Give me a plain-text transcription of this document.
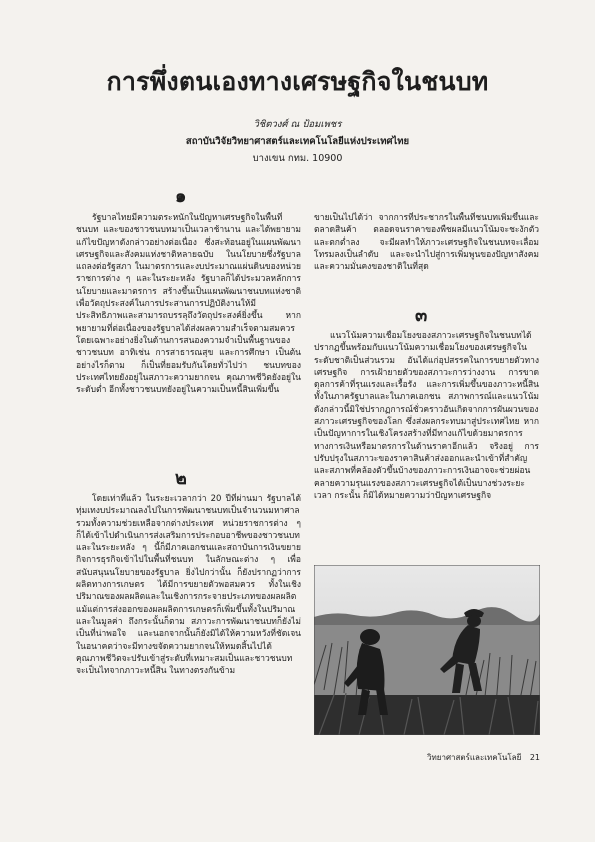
การพึ่งตนเองทางเศรษฐกิจในชนบท
วิชิตวงศ์ ณ ป้อมเพชร
สถาบันวิจัยวิทยาศาสตร์และเทคโนโลยีแห่งประเทศไทย
บางเขน กทม. 10900
๑

รัฐบาลไทยมีความตระหนักในปัญหาเศรษฐกิจในพื้นที่ชนบท และของชาวชนบทมาเป็นเวลาช้านาน และได้พยายามแก้ไขปัญหาดังกล่าวอย่างต่อเนื่อง ซึ่งสะท้อนอยู่ในแผนพัฒนาเศรษฐกิจและสังคมแห่งชาติหลายฉบับ ในนโยบายซึ่งรัฐบาลแถลงต่อรัฐสภา ในมาตรการและงบประมาณแผ่นดินของหน่วยราชการต่าง ๆ และในระยะหลัง รัฐบาลก็ได้ประมวลหลักการ นโยบายและมาตรการ สร้างขึ้นเป็นแผนพัฒนาชนบทแห่งชาติ เพื่อวัตถุประสงค์ในการประสานการปฏิบัติงานให้มีประสิทธิภาพและสามารถบรรลุถึงวัตถุประสงค์ยิ่งขึ้น หากพยายามที่ต่อเนื่องของรัฐบาลได้ส่งผลความสำเร็จตามสมควร โดยเฉพาะอย่างยิ่งในด้านการสนองความจำเป็นพื้นฐานของชาวชนบท อาทิเช่น การสาธารณสุข และการศึกษา เป็นต้น อย่างไรก็ตาม ก็เป็นที่ยอมรับกันโดยทั่วไปว่า ชนบทของประเทศไทยยังอยู่ในสภาวะความยากจน คุณภาพชีวิตยังอยู่ในระดับต่ำ อีกทั้งชาวชนบทยังอยู่ในความเป็นหนี้สินเพิ่มขึ้น

๒

โดยเท่าที่แล้ว ในระยะเวลากว่า 20 ปีที่ผ่านมา รัฐบาลได้ทุ่มเทงบประมาณลงไปในการพัฒนาชนบทเป็นจำนวนมหาศาลรวมทั้งความช่วยเหลือจากต่างประเทศ หน่วยราชการต่าง ๆ ก็ได้เข้าไปดำเนินการส่งเสริมการประกอบอาชีพของชาวชนบท และในระยะหลัง ๆ นี้ก็มีภาคเอกชนและสถาบันการเงินขยายกิจการธุรกิจเข้าไปในพื้นที่ชนบท ในลักษณะต่าง ๆ เพื่อสนับสนุนนโยบายของรัฐบาล ยิ่งไปกว่านั้น ก็ยังปรากฏว่าการผลิตทางการเกษตร ได้มีการขยายตัวพอสมควร ทั้งในเชิงปริมาณของผลผลิตและในเชิงการกระจายประเภทของผลผลิต แม้แต่การส่งออกของผลผลิตการเกษตรก็เพิ่มขึ้นทั้งในปริมาณและในมูลค่า ถึงกระนั้นก็ตาม สภาวะการพัฒนาชนบทก็ยังไม่เป็นที่น่าพอใจ และนอกจากนั้นก็ยังมิได้ให้ความหวังที่ชัดเจนในอนาคตว่าจะมีทางขจัดความยากจนให้หมดสิ้นไปได้ คุณภาพชีวิตจะปรับเข้าสู่ระดับที่เหมาะสมเป็นและชาวชนบทจะเป็นไทจากภาวะหนี้สิน ในทางตรงกันข้าม

ขายเป็นไปได้ว่า จากการที่ประชากรในพื้นที่ชนบทเพิ่มขึ้นและตลาดสินค้า ตลอดจนราคาของพืชผลมีแนวโน้มจะชะงักตัวและตกต่ำลง จะมีผลทำให้ภาวะเศรษฐกิจในชนบทจะเลื่อมโทรมลงเป็นลำดับ และจะนำไปสู่การเพิ่มพูนของปัญหาสังคมและความมั่นคงของชาติในที่สุด

๓

แนวโน้มความเชื่อมโยงของสภาวะเศรษฐกิจในชนบทได้ปรากฏขึ้นพร้อมกับแนวโน้มความเชื่อมโยงของเศรษฐกิจในระดับชาติเป็นส่วนรวม อันได้แก่อุปสรรคในการขยายตัวทางเศรษฐกิจ การเฝ้ายายตัวของสภาวะการว่างงาน การขาดดุลการค้าที่รุนแรงและเรื้อรัง และการเพิ่มขึ้นของภาวะหนี้สินทั้งในภาครัฐบาลและในภาคเอกชน สภาพการณ์และแนวโน้มดังกล่าวนี้มิใช่ปรากฏการณ์ชั่วคราวอันเกิดจากการผันผวนของสภาวะเศรษฐกิจของโลก ซึ่งส่งผลกระทบมาสู่ประเทศไทย หากเป็นปัญหาการในเชิงโครงสร้างที่มีทางแก้ไขด้วยมาตรการทางการเงินหรือมาตรการในด้านราคาอีกแล้ว จริงอยู่ การปรับปรุงในสภาวะของราคาสินค้าส่งออกและนำเข้าที่สำคัญ และสภาพที่คล้องตัวขึ้นบ้างของภาวะการเงินอาจจะช่วยผ่อนคลายความรุนแรงของสภาวะเศรษฐกิจได้เป็นบางช่วงระยะเวลา กระนั้น ก็มิได้หมายความว่าปัญหาเศรษฐกิจ

วิทยาศาสตร์และเทคโนโลยี 21
